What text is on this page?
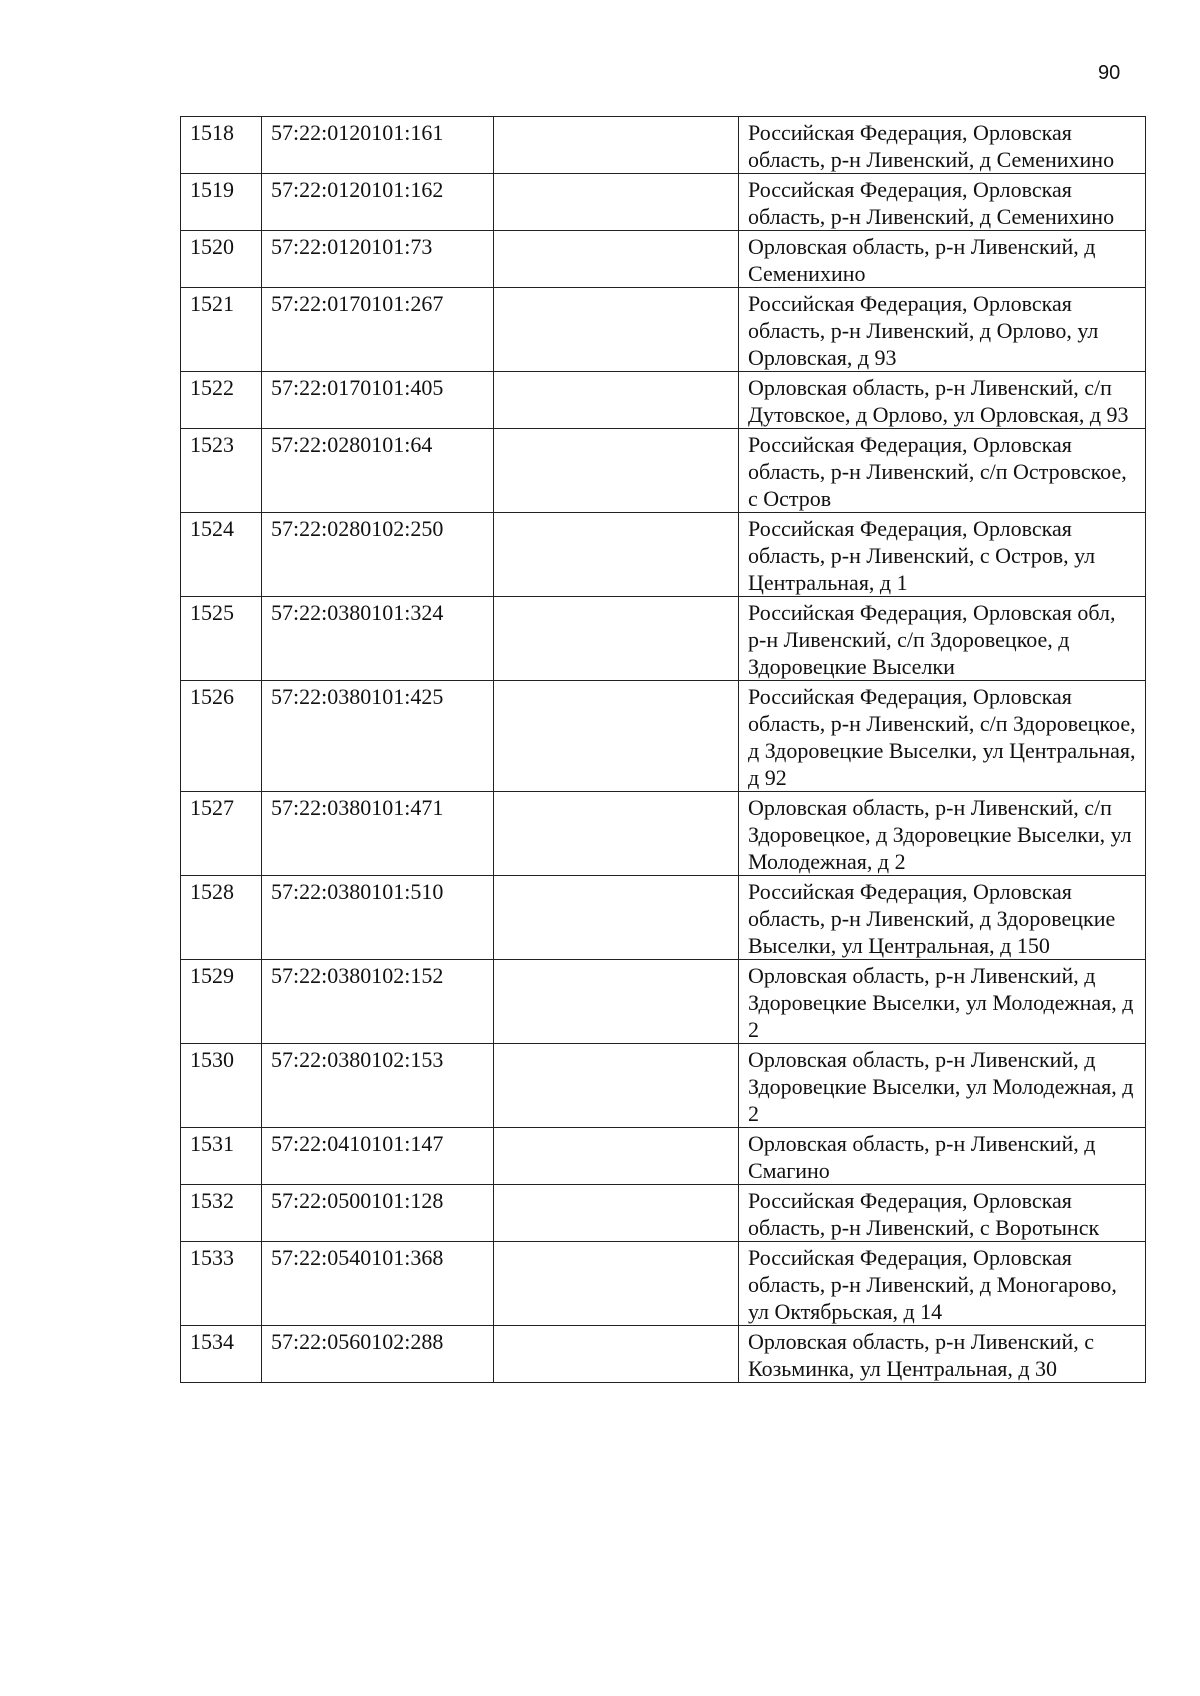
90
1518	57:22:0120101:161		Российская Федерация, Орловская область, р-н Ливенский, д Семенихино
1519	57:22:0120101:162		Российская Федерация, Орловская область, р-н Ливенский, д Семенихино
1520	57:22:0120101:73		Орловская область, р-н Ливенский, д Семенихино
1521	57:22:0170101:267		Российская Федерация, Орловская область, р-н Ливенский, д Орлово, ул Орловская, д 93
1522	57:22:0170101:405		Орловская область, р-н Ливенский, с/п Дутовское, д Орлово, ул Орловская, д 93
1523	57:22:0280101:64		Российская Федерация, Орловская область, р-н Ливенский, с/п Островское, с Остров
1524	57:22:0280102:250		Российская Федерация, Орловская область, р-н Ливенский, с Остров, ул Центральная, д 1
1525	57:22:0380101:324		Российская Федерация, Орловская обл, р-н Ливенский, с/п Здоровецкое, д Здоровецкие Выселки
1526	57:22:0380101:425		Российская Федерация, Орловская область, р-н Ливенский, с/п Здоровецкое, д Здоровецкие Выселки, ул Центральная, д 92
1527	57:22:0380101:471		Орловская область, р-н Ливенский, с/п Здоровецкое, д Здоровецкие Выселки, ул Молодежная, д 2
1528	57:22:0380101:510		Российская Федерация, Орловская область, р-н Ливенский, д Здоровецкие Выселки, ул Центральная, д 150
1529	57:22:0380102:152		Орловская область, р-н Ливенский, д Здоровецкие Выселки, ул Молодежная, д 2
1530	57:22:0380102:153		Орловская область, р-н Ливенский, д Здоровецкие Выселки, ул Молодежная, д 2
1531	57:22:0410101:147		Орловская область, р-н Ливенский, д Смагино
1532	57:22:0500101:128		Российская Федерация, Орловская область, р-н Ливенский, с Воротынск
1533	57:22:0540101:368		Российская Федерация, Орловская область, р-н Ливенский, д Моногарово, ул Октябрьская, д 14
1534	57:22:0560102:288		Орловская область, р-н Ливенский, с Козьминка, ул Центральная, д 30
